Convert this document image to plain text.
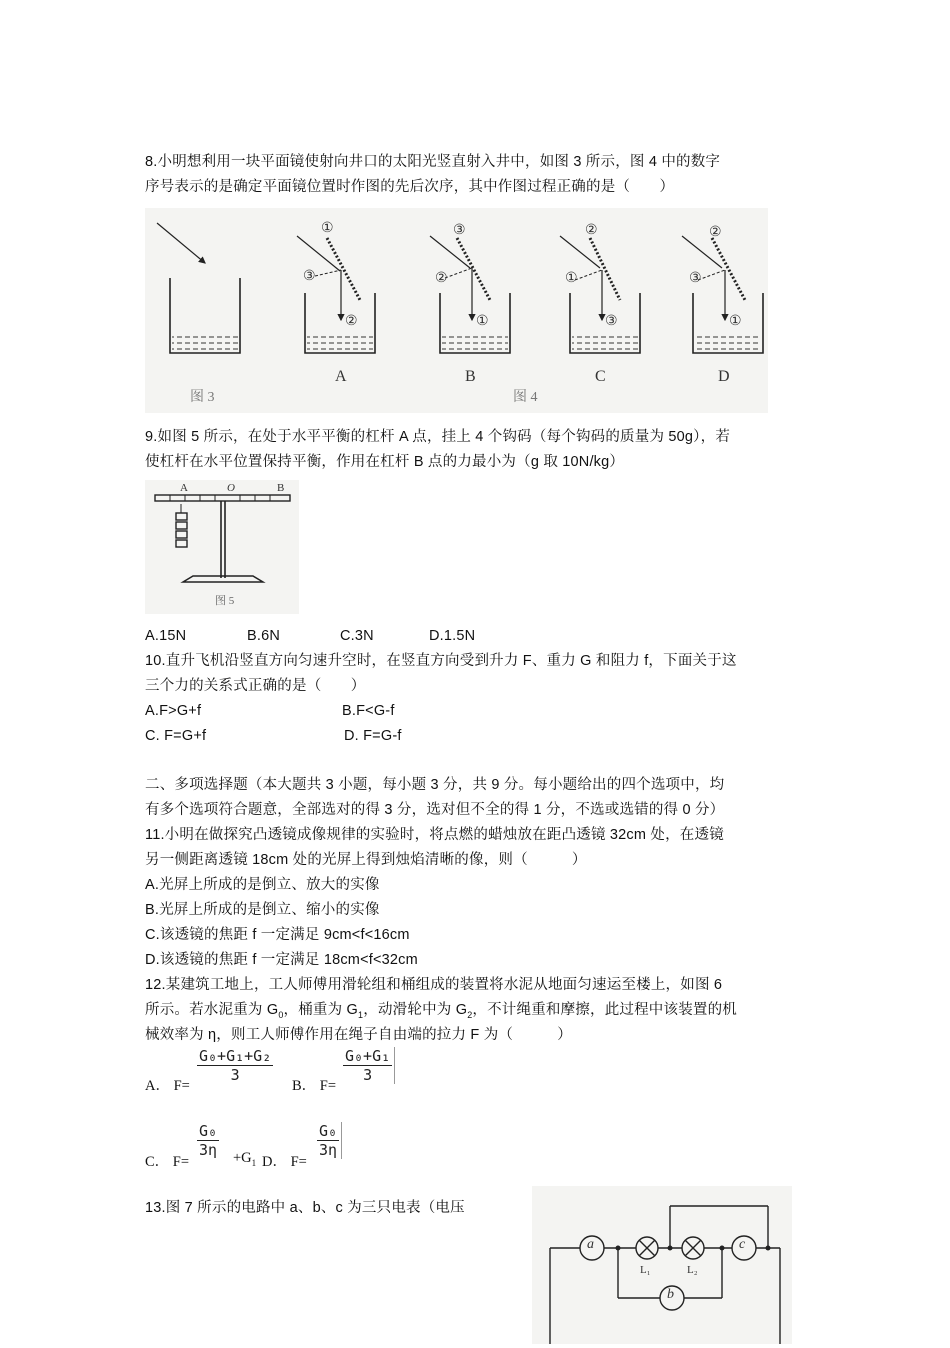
8.小明想利用一块平面镜使射向井口的太阳光竖直射入井中，如图 3 所示，图 4 中的数字
序号表示的是确定平面镜位置时作图的先后次序，其中作图过程正确的是（　　）
①
③
②
③
②
①
②
①
③
②
③
①
图 3
A	B
图 4
C	D
9.如图 5 所示，在处于水平平衡的杠杆 A 点，挂上 4 个钩码（每个钩码的质量为 50g），若
使杠杆在水平位置保持平衡，作用在杠杆 B 点的力最小为（g 取 10N/kg）
A	O	B
图 5
A.15N	B.6N	C.3N	D.1.5N
10.直升飞机沿竖直方向匀速升空时，在竖直方向受到升力 F、重力 G 和阻力 f，下面关于这
三个力的关系式正确的是（　　）
A.F>G+f	B.F<G-f
C. F=G+f	D. F=G-f
二、多项选择题（本大题共 3 小题，每小题 3 分，共 9 分。每小题给出的四个选项中，均
有多个选项符合题意，全部选对的得 3 分，选对但不全的得 1 分，不选或选错的得 0 分）
11.小明在做探究凸透镜成像规律的实验时，将点燃的蜡烛放在距凸透镜 32cm 处，在透镜
另一侧距离透镜 18cm 处的光屏上得到烛焰清晰的像，则（　　　）
A.光屏上所成的是倒立、放大的实像
B.光屏上所成的是倒立、缩小的实像
C.该透镜的焦距 f 一定满足 9cm<f<16cm
D.该透镜的焦距 f 一定满足 18cm<f<32cm
12.某建筑工地上，工人师傅用滑轮组和桶组成的装置将水泥从地面匀速运至楼上，如图 6
所示。若水泥重为 $G_0$，桶重为 $G_1$，动滑轮中为 $G_2$，不计绳重和摩擦，此过程中该装置的机
械效率为 η，则工人师傅作用在绳子自由端的拉力 F 为（　　　）
A． F=
$\frac{\text{G₀+G₁+G₂}}{3}$
B． F=
$\frac{\text{G₀+G₁}}{3}$
C． F=
$\frac{\text{G₀}}{3\eta} +G_1$ D． F=
$\frac{\text{G₀}}{3\eta}$
13.图 7 所示的电路中 a、b、c 为三只电表（电压
a
b
c
L₁	L₂
